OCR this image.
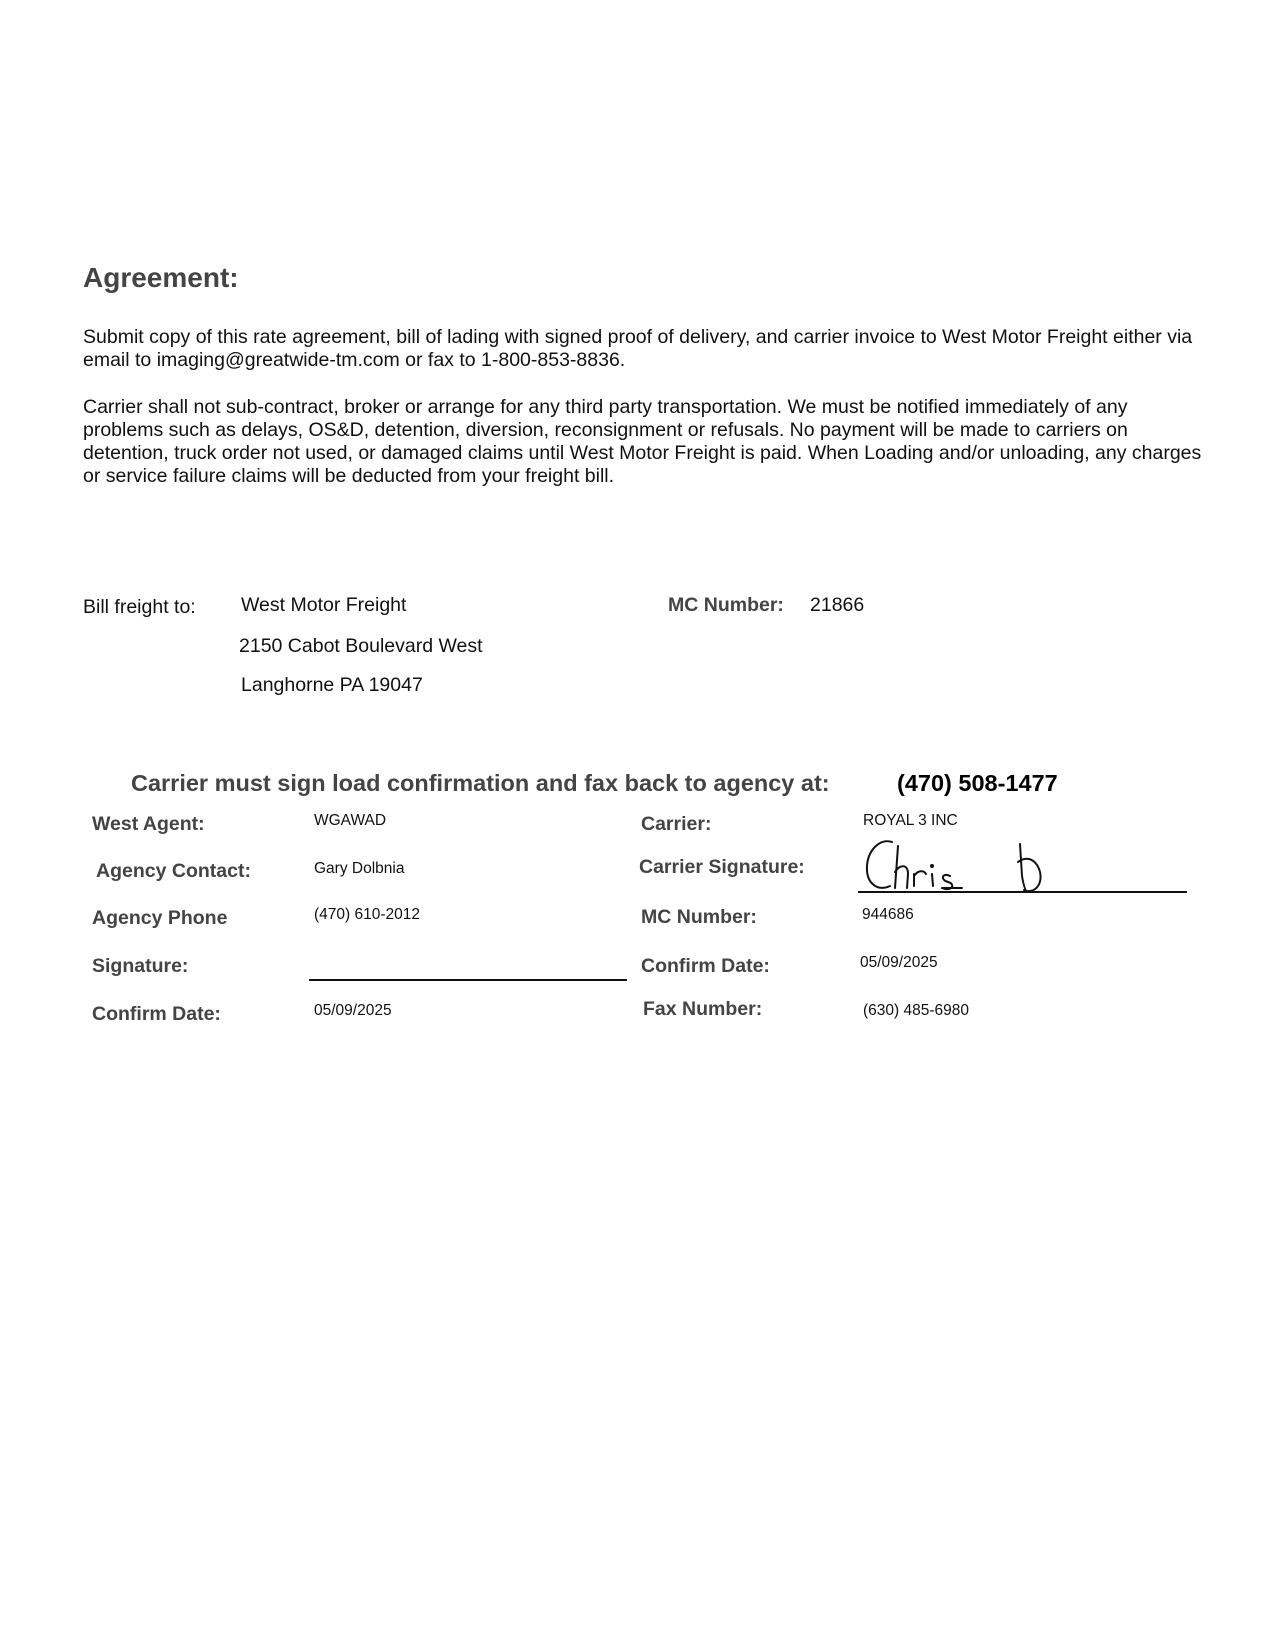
Agreement:
Submit copy of this rate agreement, bill of lading with signed proof of delivery, and carrier invoice to West Motor Freight either via email to imaging@greatwide-tm.com or fax to 1-800-853-8836.
Carrier shall not sub-contract, broker or arrange for any third party transportation. We must be notified immediately of any problems such as delays, OS&D, detention, diversion, reconsignment or refusals. No payment will be made to carriers on detention, truck order not used, or damaged claims until West Motor Freight is paid. When Loading and/or unloading, any charges or service failure claims will be deducted from your freight bill.
Bill freight to: West Motor Freight
2150 Cabot Boulevard West
Langhorne PA 19047
MC Number: 21866
Carrier must sign load confirmation and fax back to agency at:	(470) 508-1477
West Agent:	WGAWAD
Agency Contact:	Gary Dolbnia
Agency Phone	(470) 610-2012
Signature:
Confirm Date:	05/09/2025
Carrier:	ROYAL 3 INC
Carrier Signature:
MC Number:	944686
Confirm Date:	05/09/2025
Fax Number:	(630) 485-6980
